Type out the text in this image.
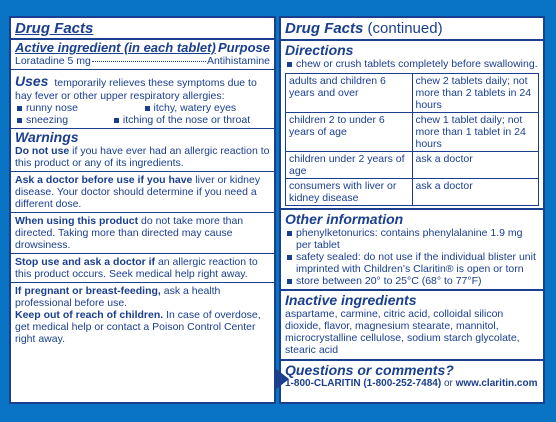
Drug Facts
Active ingredient (in each tablet) Purpose
Loratadine 5 mg	Antihistamine
Uses temporarily relieves these symptoms due to hay fever or other upper respiratory allergies:
runny nose	itchy, watery eyes
sneezing	itching of the nose or throat
Warnings
Do not use if you have ever had an allergic reaction to this product or any of its ingredients.
Ask a doctor before use if you have liver or kidney disease. Your doctor should determine if you need a different dose.
When using this product do not take more than directed. Taking more than directed may cause drowsiness.
Stop use and ask a doctor if an allergic reaction to this product occurs. Seek medical help right away.
If pregnant or breast-feeding, ask a health professional before use.
Keep out of reach of children. In case of overdose, get medical help or contact a Poison Control Center right away.
Drug Facts (continued)
Directions
chew or crush tablets completely before swallowing.
adults and children 6 years and over	chew 2 tablets daily; not more than 2 tablets in 24 hours
children 2 to under 6 years of age	chew 1 tablet daily; not more than 1 tablet in 24 hours
children under 2 years of age	ask a doctor
consumers with liver or kidney disease	ask a doctor
Other information
phenylketonurics: contains phenylalanine 1.9 mg per tablet
safety sealed: do not use if the individual blister unit imprinted with Children’s Claritin® is open or torn
store between 20° to 25°C (68° to 77°F)
Inactive ingredients
aspartame, carmine, citric acid, colloidal silicon dioxide, flavor, magnesium stearate, mannitol, microcrystalline cellulose, sodium starch glycolate, stearic acid
Questions or comments?
1-800-CLARITIN (1-800-252-7484) or www.claritin.com
